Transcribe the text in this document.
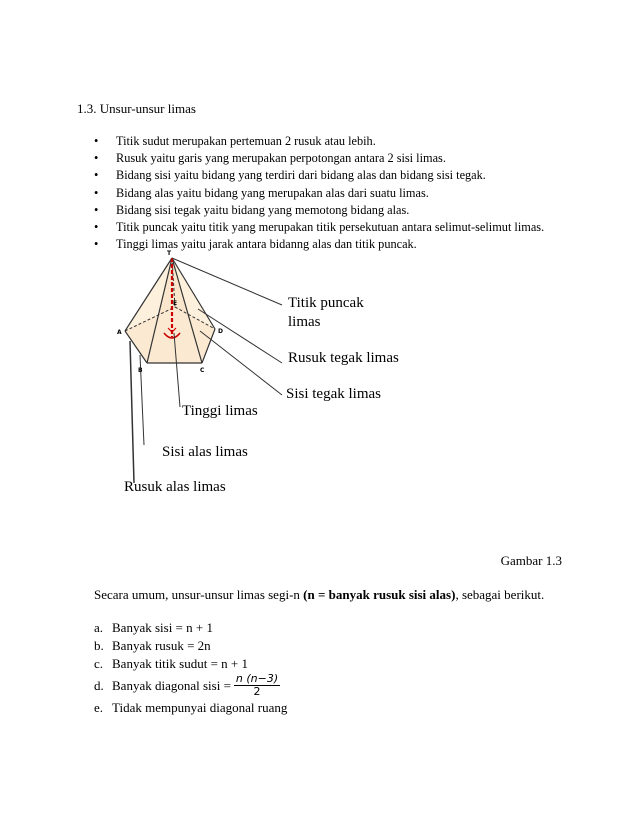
1.3. Unsur-unsur limas
• Titik sudut merupakan pertemuan 2 rusuk atau lebih.
• Rusuk yaitu garis yang merupakan perpotongan antara 2 sisi limas.
• Bidang sisi yaitu bidang yang terdiri dari bidang alas dan bidang sisi tegak.
• Bidang alas yaitu bidang yang merupakan alas dari suatu limas.
• Bidang sisi tegak yaitu bidang yang memotong bidang alas.
• Titik puncak yaitu titik yang merupakan titik persekutuan antara selimut-selimut limas.
• Tinggi limas yaitu jarak antara bidanng alas dan titik puncak.
T
A
B	C
D
E	Titik puncak
limas
Rusuk tegak limas
Sisi tegak limas
Tinggi limas
Sisi alas limas
Rusuk alas limas
Gambar 1.3
Secara umum, unsur-unsur limas segi-n (n = banyak rusuk sisi alas), sebagai berikut.
a. Banyak sisi = n + 1
b. Banyak rusuk = 2n
c. Banyak titik sudut = n + 1
d. Banyak diagonal sisi = $\frac{n (n-3)}{2}$
e. Tidak mempunyai diagonal ruang
